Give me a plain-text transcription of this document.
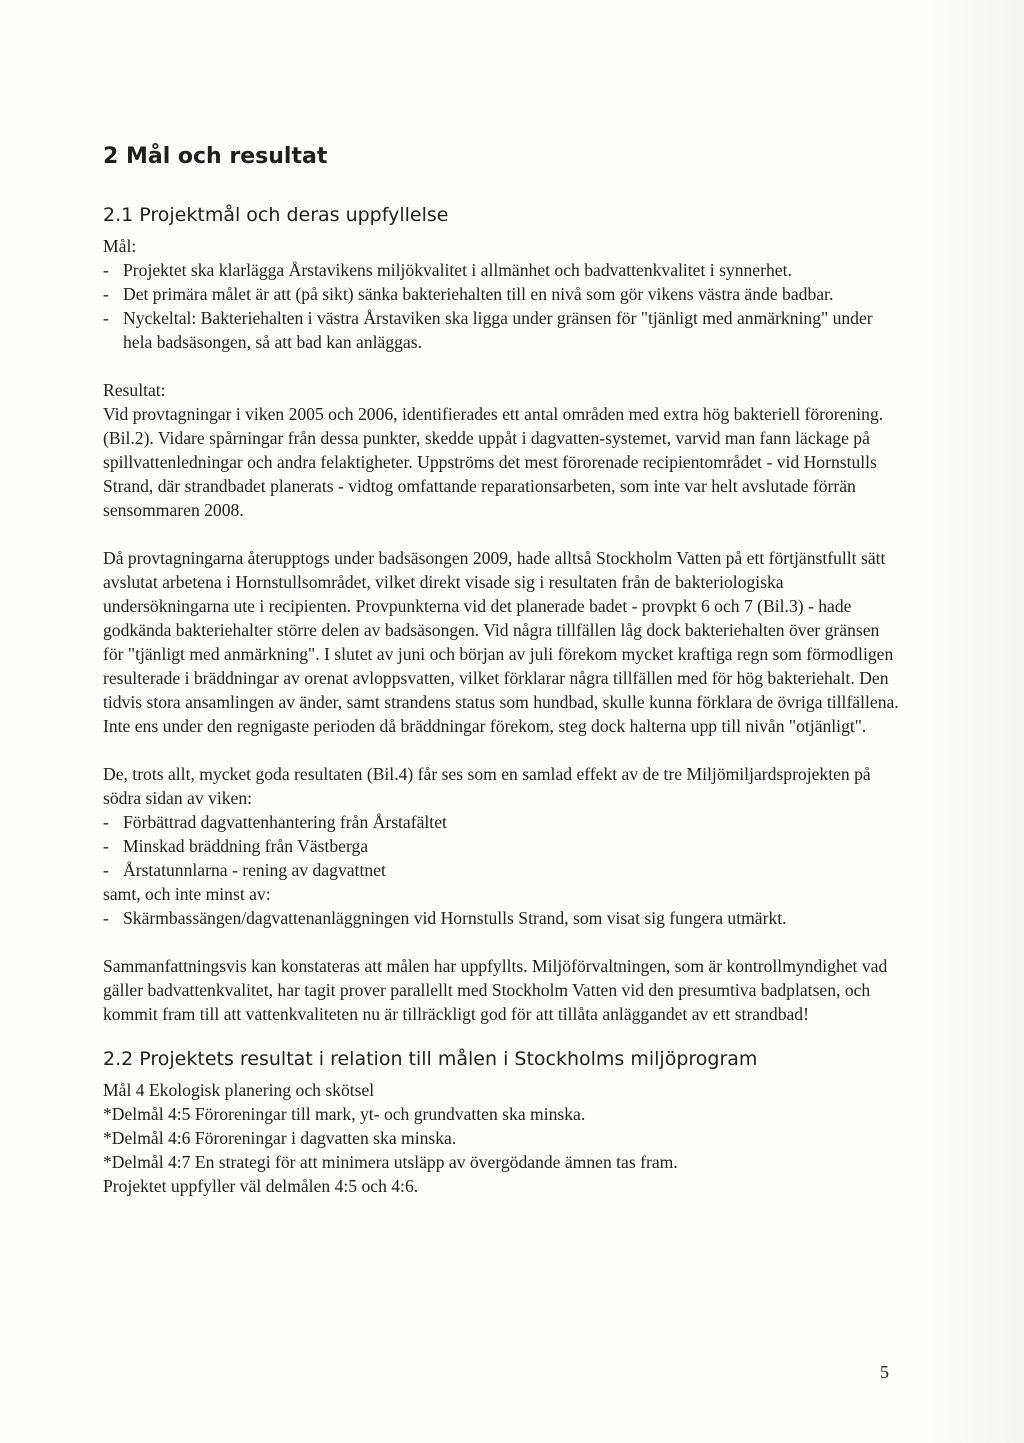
2 Mål och resultat
2.1 Projektmål och deras uppfyllelse

Mål:

- Projektet ska klarlägga Årstavikens miljökvalitet i allmänhet och badvattenkvalitet i synnerhet.
- Det primära målet är att (på sikt) sänka bakteriehalten till en nivå som gör vikens västra ände badbar.
- Nyckeltal: Bakteriehalten i västra Årstaviken ska ligga under gränsen för "tjänligt med anmärkning" under hela badsäsongen, så att bad kan anläggas.

Resultat:

Vid provtagningar i viken 2005 och 2006, identifierades ett antal områden med extra hög bakteriell förorening. (Bil.2). Vidare spårningar från dessa punkter, skedde uppåt i dagvatten-systemet, varvid man fann läckage på spillvattenledningar och andra felaktigheter. Uppströms det mest förorenade recipientområdet - vid Hornstulls Strand, där strandbadet planerats - vidtog omfattande reparationsarbeten, som inte var helt avslutade förrän sensommaren 2008.

Då provtagningarna återupptogs under badsäsongen 2009, hade alltså Stockholm Vatten på ett förtjänstfullt sätt avslutat arbetena i Hornstullsområdet, vilket direkt visade sig i resultaten från de bakteriologiska undersökningarna ute i recipienten. Provpunkterna vid det planerade badet - provpkt 6 och 7 (Bil.3) - hade godkända bakteriehalter större delen av badsäsongen. Vid några tillfällen låg dock bakteriehalten över gränsen för "tjänligt med anmärkning". I slutet av juni och början av juli förekom mycket kraftiga regn som förmodligen resulterade i bräddningar av orenat avloppsvatten, vilket förklarar några tillfällen med för hög bakteriehalt. Den tidvis stora ansamlingen av änder, samt strandens status som hundbad, skulle kunna förklara de övriga tillfällena. Inte ens under den regnigaste perioden då bräddningar förekom, steg dock halterna upp till nivån "otjänligt".

De, trots allt, mycket goda resultaten (Bil.4) får ses som en samlad effekt av de tre Miljömiljardsprojekten på södra sidan av viken:

- Förbättrad dagvattenhantering från Årstafältet
- Minskad bräddning från Västberga
- Årstatunnlarna - rening av dagvattnet

samt, och inte minst av:

- Skärmbassängen/dagvattenanläggningen vid Hornstulls Strand, som visat sig fungera utmärkt.

Sammanfattningsvis kan konstateras att målen har uppfyllts. Miljöförvaltningen, som är kontrollmyndighet vad gäller badvattenkvalitet, har tagit prover parallellt med Stockholm Vatten vid den presumtiva badplatsen, och kommit fram till att vattenkvaliteten nu är tillräckligt god för att tillåta anläggandet av ett strandbad!

2.2 Projektets resultat i relation till målen i Stockholms miljöprogram

Mål 4 Ekologisk planering och skötsel

*Delmål 4:5 Föroreningar till mark, yt- och grundvatten ska minska.

*Delmål 4:6 Föroreningar i dagvatten ska minska.

*Delmål 4:7 En strategi för att minimera utsläpp av övergödande ämnen tas fram.

Projektet uppfyller väl delmålen 4:5 och 4:6.

5
